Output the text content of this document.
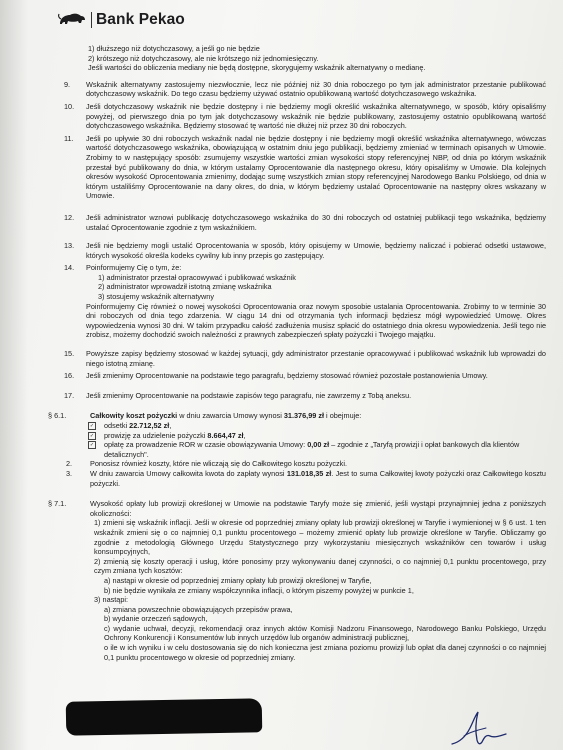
Bank Pekao
1) dłuższego niż dotychczasowy, a jeśli go nie będzie
2) krótszego niż dotychczasowy, ale nie krótszego niż jednomiesięczny.
Jeśli wartości do obliczenia mediany nie będą dostępne, skorygujemy wskaźnik alternatywny o medianę.
9. Wskaźnik alternatywny zastosujemy niezwłocznie, lecz nie później niż 30 dnia roboczego po tym jak administrator przestanie publikować dotychczasowy wskaźnik. Do tego czasu będziemy używać ostatnio opublikowaną wartość dotychczasowego wskaźnika.
10. Jeśli dotychczasowy wskaźnik nie będzie dostępny i nie będziemy mogli określić wskaźnika alternatywnego, w sposób, który opisaliśmy powyżej, od pierwszego dnia po tym jak dotychczasowy wskaźnik nie będzie publikowany, zastosujemy ostatnio opublikowaną wartość dotychczasowego wskaźnika. Będziemy stosować tę wartość nie dłużej niż przez 30 dni roboczych.
11. Jeśli po upływie 30 dni roboczych wskaźnik nadal nie będzie dostępny i nie będziemy mogli określić wskaźnika alternatywnego, wówczas wartość dotychczasowego wskaźnika, obowiązującą w ostatnim dniu jego publikacji, będziemy zmieniać w terminach opisanych w Umowie. Zrobimy to w następujący sposób: zsumujemy wszystkie wartości zmian wysokości stopy referencyjnej NBP, od dnia po którym wskaźnik przestał być publikowany do dnia, w którym ustalamy Oprocentowanie dla następnego okresu, który opisaliśmy w Umowie. Dla kolejnych okresów wysokość Oprocentowania zmienimy, dodając sumę wszystkich zmian stopy referencyjnej Narodowego Banku Polskiego, od dnia w którym ustaliliśmy Oprocentowanie na dany okres, do dnia, w którym będziemy ustalać Oprocentowanie na następny okres wskazany w Umowie.
12. Jeśli administrator wznowi publikację dotychczasowego wskaźnika do 30 dni roboczych od ostatniej publikacji tego wskaźnika, będziemy ustalać Oprocentowanie zgodnie z tym wskaźnikiem.
13. Jeśli nie będziemy mogli ustalić Oprocentowania w sposób, który opisujemy w Umowie, będziemy naliczać i pobierać odsetki ustawowe, których wysokość określa kodeks cywilny lub inny przepis go zastępujący.
14. Poinformujemy Cię o tym, że:
1) administrator przestał opracowywać i publikować wskaźnik
2) administrator wprowadził istotną zmianę wskaźnika
3) stosujemy wskaźnik alternatywny
Poinformujemy Cię również o nowej wysokości Oprocentowania oraz nowym sposobie ustalania Oprocentowania. Zrobimy to w terminie 30 dni roboczych od dnia tego zdarzenia. W ciągu 14 dni od otrzymania tych informacji będziesz mógł wypowiedzieć Umowę. Okres wypowiedzenia wynosi 30 dni. W takim przypadku całość zadłużenia musisz spłacić do ostatniego dnia okresu wypowiedzenia. Jeśli tego nie zrobisz, możemy dochodzić swoich należności z prawnych zabezpieczeń spłaty pożyczki i Twojego majątku.
15. Powyższe zapisy będziemy stosować w każdej sytuacji, gdy administrator przestanie opracowywać i publikować wskaźnik lub wprowadzi do niego istotną zmianę.
16. Jeśli zmienimy Oprocentowanie na podstawie tego paragrafu, będziemy stosować również pozostałe postanowienia Umowy.
17. Jeśli zmienimy Oprocentowanie na podstawie zapisów tego paragrafu, nie zawrzemy z Tobą aneksu.
§ 6.1.	Całkowity koszt pożyczki w dniu zawarcia Umowy wynosi 31.376,99 zł i obejmuje:
✓ odsetki 22.712,52 zł,
✓ prowizję za udzielenie pożyczki 8.664,47 zł,
✓ opłatę za prowadzenie ROR w czasie obowiązywania Umowy: 0,00 zł – zgodnie z „Taryfą prowizji i opłat bankowych dla klientów detalicznych".
2. Ponosisz również koszty, które nie wliczają się do Całkowitego kosztu pożyczki.
3. W dniu zawarcia Umowy całkowita kwota do zapłaty wynosi 131.018,35 zł. Jest to suma Całkowitej kwoty pożyczki oraz Całkowitego kosztu pożyczki.
§ 7.1.	Wysokość opłaty lub prowizji określonej w Umowie na podstawie Taryfy może się zmienić, jeśli wystąpi przynajmniej jedna z poniższych okoliczności:
1) zmieni się wskaźnik inflacji. Jeśli w okresie od poprzedniej zmiany opłaty lub prowizji określonej w Taryfie i wymienionej w § 6 ust. 1 ten wskaźnik zmieni się o co najmniej 0,1 punktu procentowego – możemy zmienić opłaty lub prowizje określone w Taryfie. Obliczamy go zgodnie z metodologią Głównego Urzędu Statystycznego przy wykorzystaniu miesięcznych wskaźników cen towarów i usług konsumpcyjnych,
2) zmienią się koszty operacji i usług, które ponosimy przy wykonywaniu danej czynności, o co najmniej 0,1 punktu procentowego, przy czym zmiana tych kosztów:
a) nastąpi w okresie od poprzedniej zmiany opłaty lub prowizji określonej w Taryfie,
b) nie będzie wynikała ze zmiany współczynnika inflacji, o którym piszemy powyżej w punkcie 1,
3) nastąpi:
a) zmiana powszechnie obowiązujących przepisów prawa,
b) wydanie orzeczeń sądowych,
c) wydanie uchwał, decyzji, rekomendacji oraz innych aktów Komisji Nadzoru Finansowego, Narodowego Banku Polskiego, Urzędu Ochrony Konkurencji i Konsumentów lub innych urzędów lub organów administracji publicznej,
o ile w ich wyniku i w celu dostosowania się do nich konieczna jest zmiana poziomu prowizji lub opłat dla danej czynności o co najmniej 0,1 punktu procentowego w okresie od poprzedniej zmiany.
